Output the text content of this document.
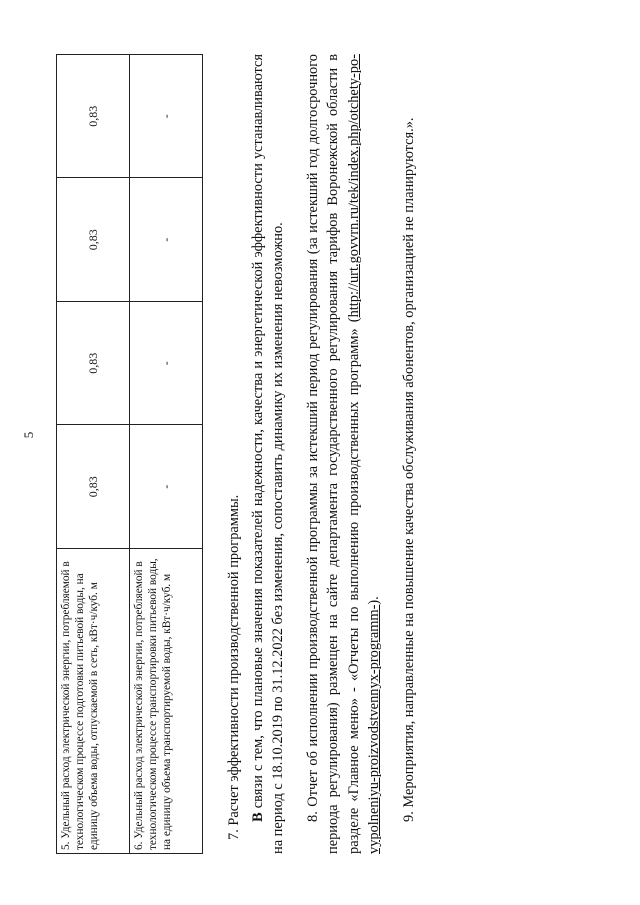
5
5. Удельный расход электрической энергии, потребляемой в технологическом процессе подготовки питьевой воды, на единицу объема воды, отпускаемой в сеть, кВт·ч/куб. м	0,83	0,83	0,83	0,83
6. Удельный расход электрической энергии, потребляемой в технологическом процессе транспортировки питьевой воды, на единицу объема транспортируемой воды, кВт·ч/куб. м	-	-	-	-

7. Расчет эффективности производственной программы. В связи с тем, что плановые значения показателей надежности, качества и энергетической эффективности устанавливаются на период с 18.10.2019 по 31.12.2022 без изменения, сопоставить динамику их изменения невозможно. 8. Отчет об исполнении производственной программы за истекший период регулирования (за истекший год долгосрочного периода регулирования) размещен на сайте департамента государственного регулирования тарифов Воронежской области в разделе «Главное меню» - «Отчеты по выполнению производственных программ» (http://urt.govvrn.ru/tek/index.php/otchety-po-vypolneniyu-proizvodstvennyx-programm-). 9. Мероприятия, направленные на повышение качества обслуживания абонентов, организацией не планируются.».
